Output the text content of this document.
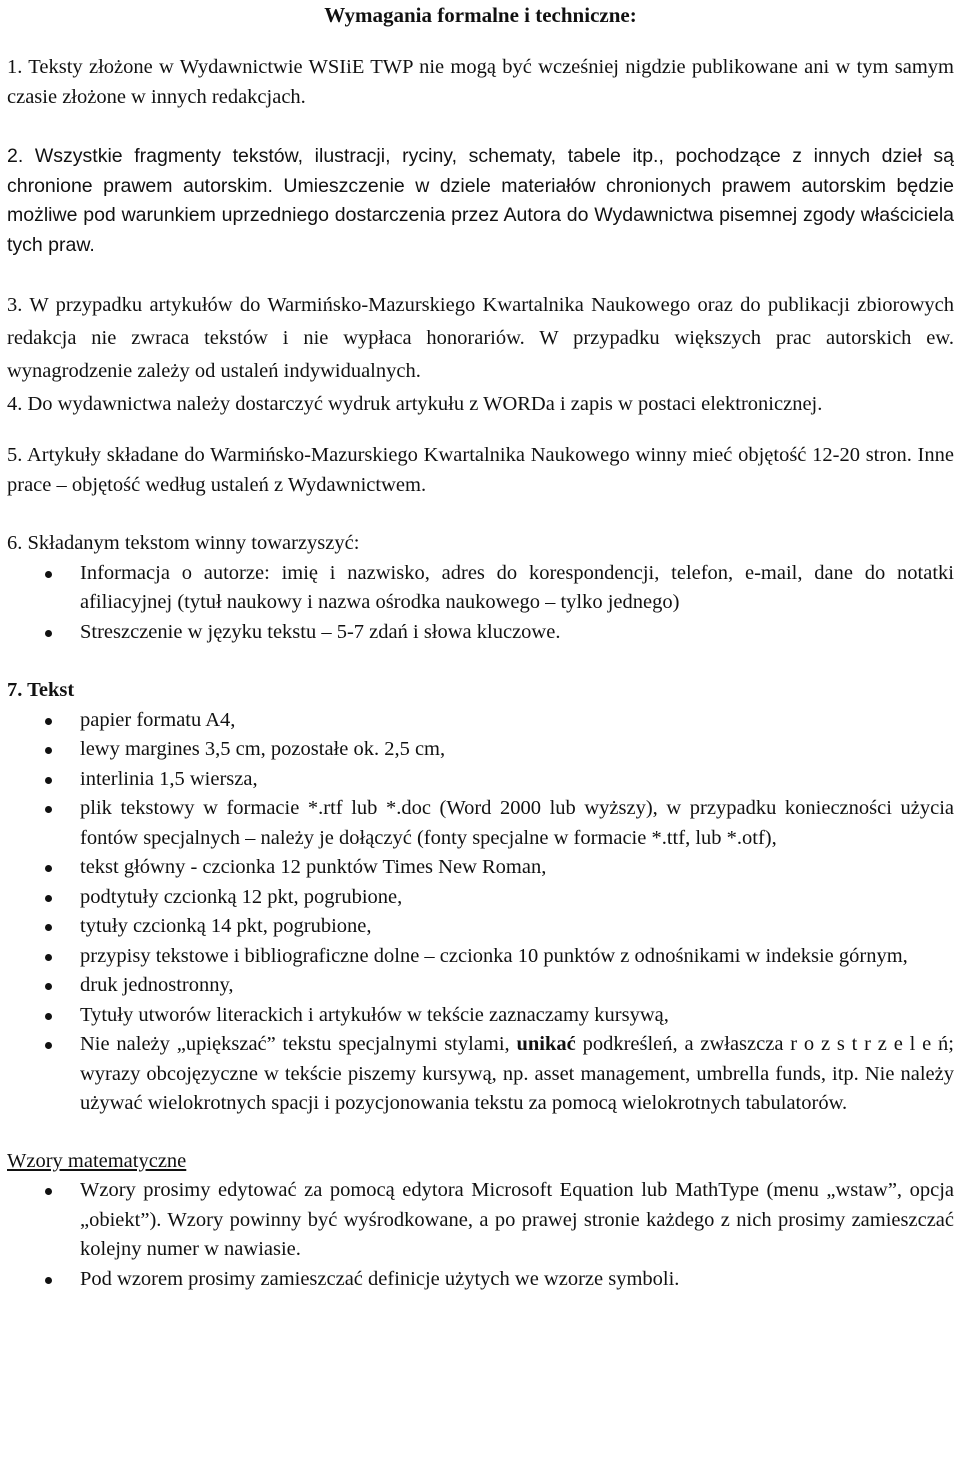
Wymagania formalne i techniczne:

1. Teksty złożone w Wydawnictwie WSIiE TWP nie mogą być wcześniej nigdzie publikowane ani w tym samym czasie złożone w innych redakcjach.

2. Wszystkie fragmenty tekstów, ilustracji, ryciny, schematy, tabele itp., pochodzące z innych dzieł są chronione prawem autorskim. Umieszczenie w dziele materiałów chronionych prawem autorskim będzie możliwe pod warunkiem uprzedniego dostarczenia przez Autora do Wydawnictwa pisemnej zgody właściciela tych praw.

3. W przypadku artykułów do Warmińsko-Mazurskiego Kwartalnika Naukowego oraz do publikacji zbiorowych redakcja nie zwraca tekstów i nie wypłaca honorariów. W przypadku większych prac autorskich ew. wynagrodzenie zależy od ustaleń indywidualnych.

4. Do wydawnictwa należy dostarczyć wydruk artykułu z WORDa i zapis w postaci elektronicznej.

5. Artykuły składane do Warmińsko-Mazurskiego Kwartalnika Naukowego winny mieć objętość 12-20 stron. Inne prace – objętość według ustaleń z Wydawnictwem.

6. Składanym tekstom winny towarzyszyć:

Informacja o autorze: imię i nazwisko, adres do korespondencji, telefon, e-mail, dane do notatki afiliacyjnej (tytuł naukowy i nazwa ośrodka naukowego – tylko jednego)
Streszczenie w języku tekstu – 5-7 zdań i słowa kluczowe.

7. Tekst

papier formatu A4,
lewy margines 3,5 cm, pozostałe ok. 2,5 cm,
interlinia 1,5 wiersza,
plik tekstowy w formacie *.rtf lub *.doc (Word 2000 lub wyższy), w przypadku konieczności użycia fontów specjalnych – należy je dołączyć (fonty specjalne w formacie *.ttf, lub *.otf),
tekst główny - czcionka 12 punktów Times New Roman,
podtytuły czcionką 12 pkt, pogrubione,
tytuły czcionką 14 pkt, pogrubione,
przypisy tekstowe i bibliograficzne dolne – czcionka 10 punktów z odnośnikami w indeksie górnym,
druk jednostronny,
Tytuły utworów literackich i artykułów w tekście zaznaczamy kursywą,
Nie należy „upiększać” tekstu specjalnymi stylami, unikać podkreśleń, a zwłaszcza r o z s t r z e l e ń; wyrazy obcojęzyczne w tekście piszemy kursywą, np. asset management, umbrella funds, itp. Nie należy używać wielokrotnych spacji i pozycjonowania tekstu za pomocą wielokrotnych tabulatorów.

Wzory matematyczne

Wzory prosimy edytować za pomocą edytora Microsoft Equation lub MathType (menu „wstaw”, opcja „obiekt”). Wzory powinny być wyśrodkowane, a po prawej stronie każdego z nich prosimy zamieszczać kolejny numer w nawiasie.
Pod wzorem prosimy zamieszczać definicje użytych we wzorze symboli.
